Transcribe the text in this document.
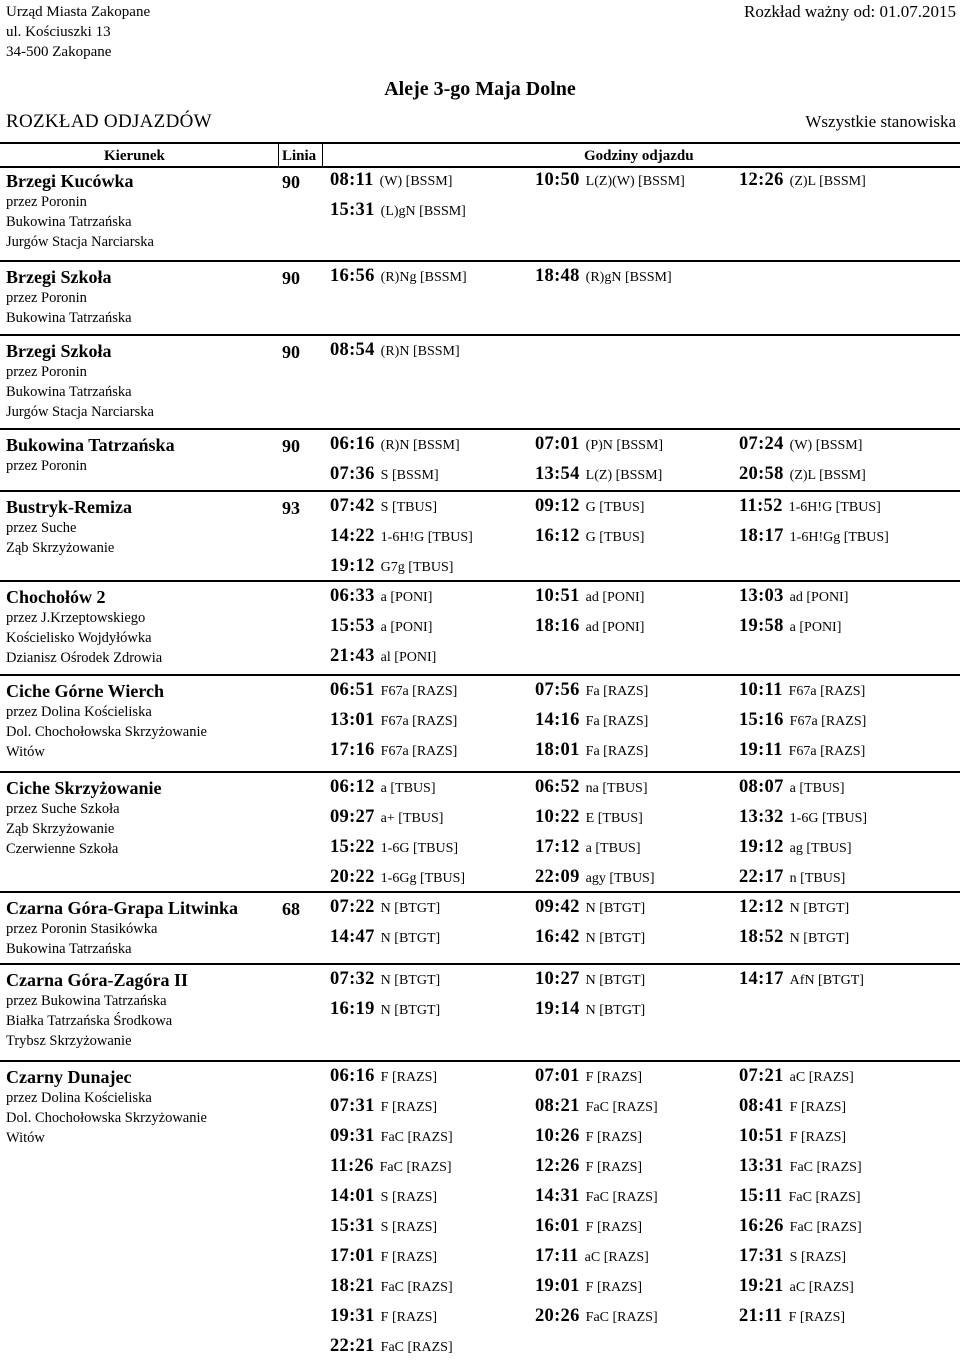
Urząd Miasta Zakopane
ul. Kościuszki 13
34-500 Zakopane
Rozkład ważny od: 01.07.2015
Aleje 3-go Maja Dolne
ROZKŁAD ODJAZDÓW	Wszystkie stanowiska
Kierunek	Linia	Godziny odjazdu
Brzegi Kucówka
przez Poronin
Bukowina Tatrzańska
Jurgów Stacja Narciarska
90 08:11 (W) [BSSM]	10:50 L(Z)(W) [BSSM]	12:26 (Z)L [BSSM]
15:31 (L)gN [BSSM]
Brzegi Szkoła
przez Poronin
Bukowina Tatrzańska
90 16:56 (R)Ng [BSSM]	18:48 (R)gN [BSSM]
Brzegi Szkoła
przez Poronin
Bukowina Tatrzańska
Jurgów Stacja Narciarska
90 08:54 (R)N [BSSM]
Bukowina Tatrzańska
przez Poronin
90 06:16 (R)N [BSSM]	07:01 (P)N [BSSM]	07:24 (W) [BSSM]
07:36 S [BSSM]	13:54 L(Z) [BSSM]	20:58 (Z)L [BSSM]
Bustryk-Remiza
przez Suche
Ząb Skrzyżowanie
93 07:42 S [TBUS]	09:12 G [TBUS]	11:52 1-6H!G [TBUS]
14:22 1-6H!G [TBUS]	16:12 G [TBUS]	18:17 1-6H!Gg [TBUS]
19:12 G7g [TBUS]
Chochołów 2
przez J.Krzeptowskiego
Kościelisko Wojdyłówka
Dzianisz Ośrodek Zdrowia
06:33 a [PONI]	10:51 ad [PONI]	13:03 ad [PONI]
15:53 a [PONI]	18:16 ad [PONI]	19:58 a [PONI]
21:43 al [PONI]
Ciche Górne Wierch
przez Dolina Kościeliska
Dol. Chochołowska Skrzyżowanie
Witów
06:51 F67a [RAZS]	07:56 Fa [RAZS]	10:11 F67a [RAZS]
13:01 F67a [RAZS]	14:16 Fa [RAZS]	15:16 F67a [RAZS]
17:16 F67a [RAZS]	18:01 Fa [RAZS]	19:11 F67a [RAZS]
Ciche Skrzyżowanie
przez Suche Szkoła
Ząb Skrzyżowanie
Czerwienne Szkoła
06:12 a [TBUS]	06:52 na [TBUS]	08:07 a [TBUS]
09:27 a+ [TBUS]	10:22 E [TBUS]	13:32 1-6G [TBUS]
15:22 1-6G [TBUS]	17:12 a [TBUS]	19:12 ag [TBUS]
20:22 1-6Gg [TBUS]	22:09 agy [TBUS]	22:17 n [TBUS]
Czarna Góra-Grapa Litwinka
przez Poronin Stasikówka
Bukowina Tatrzańska
68 07:22 N [BTGT]	09:42 N [BTGT]	12:12 N [BTGT]
14:47 N [BTGT]	16:42 N [BTGT]	18:52 N [BTGT]
Czarna Góra-Zagóra II
przez Bukowina Tatrzańska
Białka Tatrzańska Środkowa
Trybsz Skrzyżowanie
07:32 N [BTGT]	10:27 N [BTGT]	14:17 AfN [BTGT]
16:19 N [BTGT]	19:14 N [BTGT]
Czarny Dunajec
przez Dolina Kościeliska
Dol. Chochołowska Skrzyżowanie
Witów
06:16 F [RAZS]	07:01 F [RAZS]	07:21 aC [RAZS]
07:31 F [RAZS]	08:21 FaC [RAZS]	08:41 F [RAZS]
09:31 FaC [RAZS]	10:26 F [RAZS]	10:51 F [RAZS]
11:26 FaC [RAZS]	12:26 F [RAZS]	13:31 FaC [RAZS]
14:01 S [RAZS]	14:31 FaC [RAZS]	15:11 FaC [RAZS]
15:31 S [RAZS]	16:01 F [RAZS]	16:26 FaC [RAZS]
17:01 F [RAZS]	17:11 aC [RAZS]	17:31 S [RAZS]
18:21 FaC [RAZS]	19:01 F [RAZS]	19:21 aC [RAZS]
19:31 F [RAZS]	20:26 FaC [RAZS]	21:11 F [RAZS]
22:21 FaC [RAZS]
